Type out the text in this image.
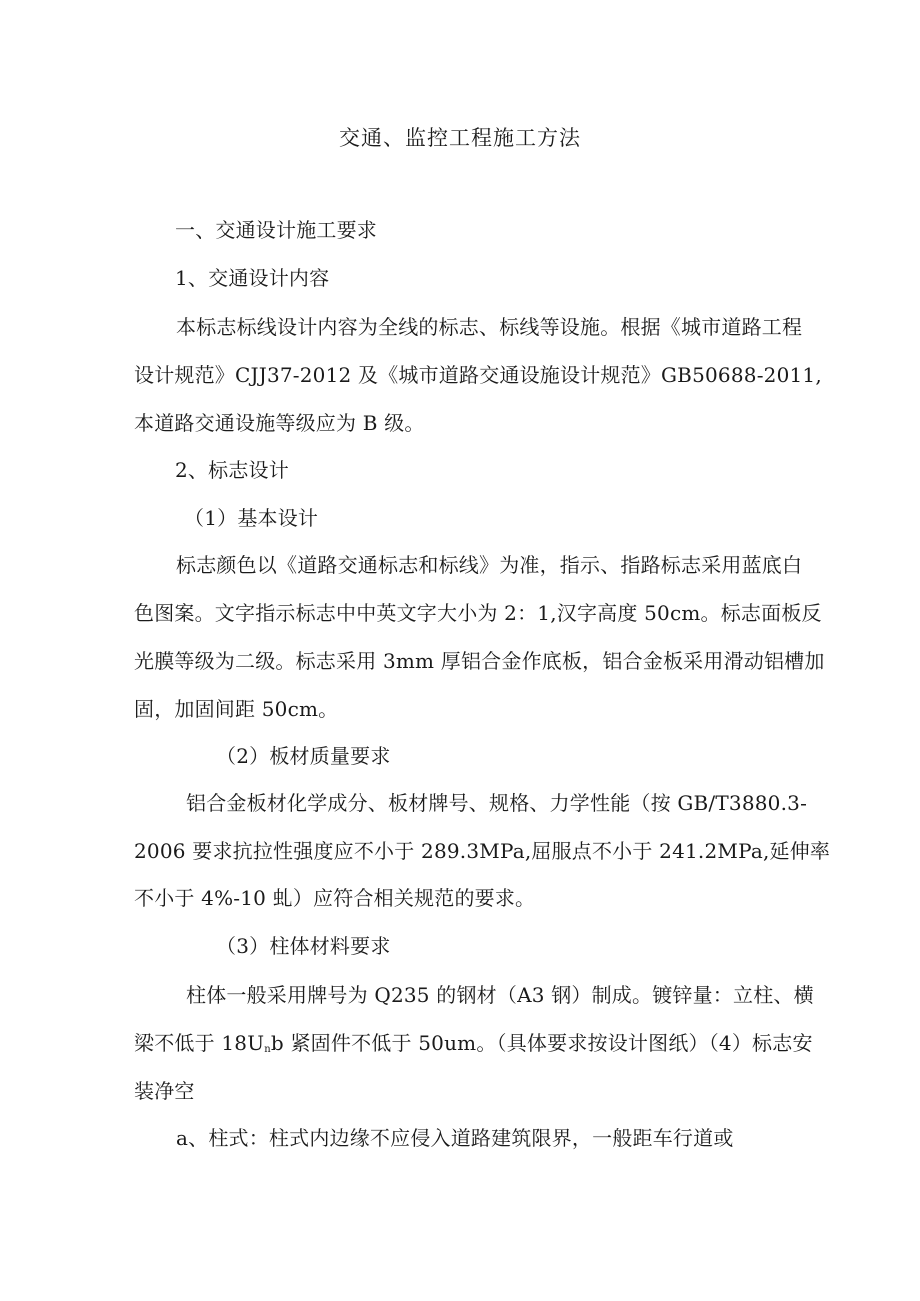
交通、监控工程施工方法
一、交通设计施工要求
1、交通设计内容
本标志标线设计内容为全线的标志、标线等设施。根据《城市道路工程
设计规范》CJJ37-2012 及《城市道路交通设施设计规范》GB50688-2011,
本道路交通设施等级应为 B 级。
2、标志设计
（1）基本设计
标志颜色以《道路交通标志和标线》为准，指示、指路标志采用蓝底白
色图案。文字指示标志中中英文字大小为 2：1,汉字高度 50cm。标志面板反
光膜等级为二级。标志采用 3mm 厚铝合金作底板，铝合金板采用滑动铝槽加
固，加固间距 50cm。
（2）板材质量要求
铝合金板材化学成分、板材牌号、规格、力学性能（按 GB/T3880.3-
2006 要求抗拉性强度应不小于 289.3MPa,屈服点不小于 241.2MPa,延伸率
不小于 4%-10 虬）应符合相关规范的要求。
（3）柱体材料要求
柱体一般采用牌号为 Q235 的钢材（A3 钢）制成。镀锌量：立柱、横
梁不低于 $18U_nb$ 紧固件不低于 50um。（具体要求按设计图纸）（4）标志安
装净空
a、柱式：柱式内边缘不应侵入道路建筑限界，一般距车行道或
